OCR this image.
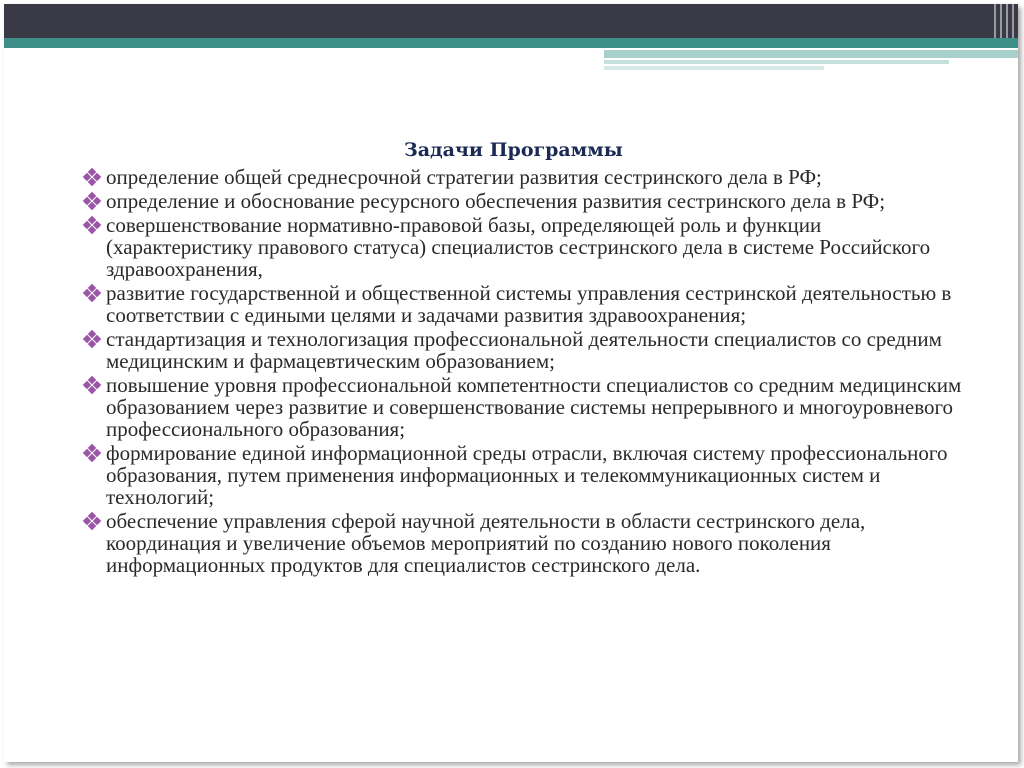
Задачи Программы
определение общей среднесрочной стратегии развития сестринского дела в РФ;
определение и обоснование ресурсного обеспечения развития сестринского дела в РФ;
совершенствование нормативно-правовой базы, определяющей роль и функции (характеристику правового статуса) специалистов сестринского дела в системе Российского здравоохранения,
развитие государственной и общественной системы управления сестринской деятельностью в соответствии с едиными целями и задачами развития здравоохранения;
стандартизация и технологизация профессиональной деятельности специалистов со средним медицинским и фармацевтическим образованием;
повышение уровня профессиональной компетентности специалистов со средним медицинским образованием через развитие и совершенствование системы непрерывного и многоуровневого профессионального образования;
формирование единой информационной среды отрасли, включая систему профессионального образования, путем применения информационных и телекоммуникационных систем и технологий;
обеспечение управления сферой научной деятельности в области сестринского дела, координация и увеличение объемов мероприятий по созданию нового поколения информационных продуктов для специалистов сестринского дела.
